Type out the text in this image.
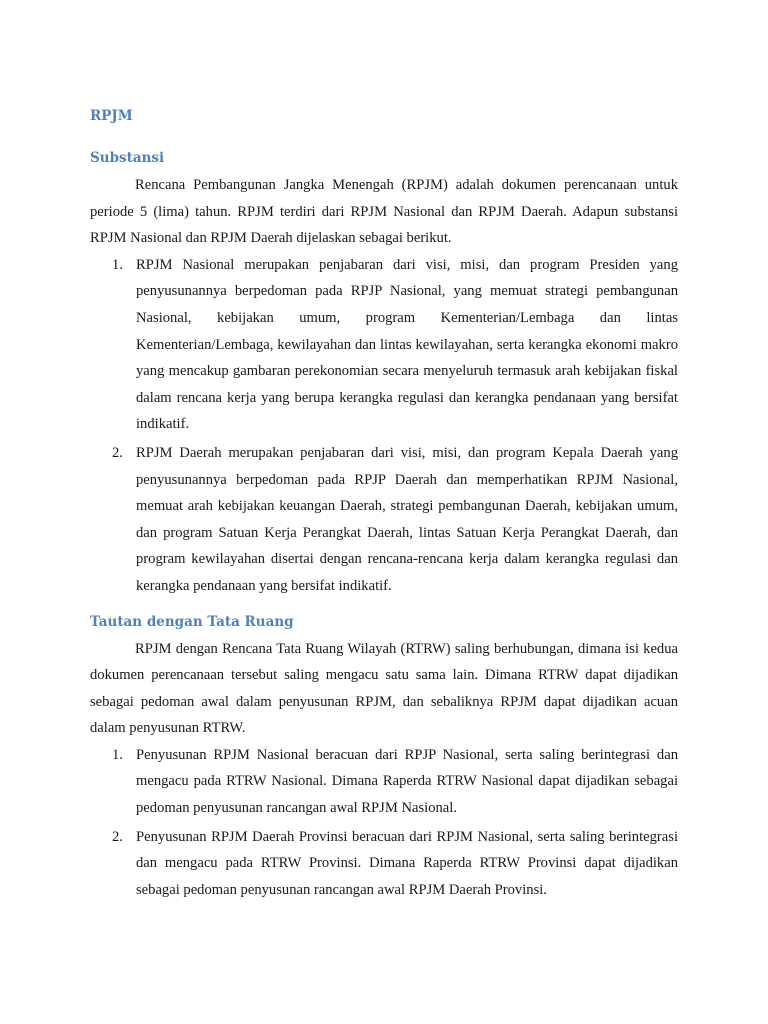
RPJM
Substansi

Rencana Pembangunan Jangka Menengah (RPJM) adalah dokumen perencanaan untuk periode 5 (lima) tahun. RPJM terdiri dari RPJM Nasional dan RPJM Daerah. Adapun substansi RPJM Nasional dan RPJM Daerah dijelaskan sebagai berikut.

1. RPJM Nasional merupakan penjabaran dari visi, misi, dan program Presiden yang penyusunannya berpedoman pada RPJP Nasional, yang memuat strategi pembangunan Nasional, kebijakan umum, program Kementerian/Lembaga dan lintas Kementerian/Lembaga, kewilayahan dan lintas kewilayahan, serta kerangka ekonomi makro yang mencakup gambaran perekonomian secara menyeluruh termasuk arah kebijakan fiskal dalam rencana kerja yang berupa kerangka regulasi dan kerangka pendanaan yang bersifat indikatif.
2. RPJM Daerah merupakan penjabaran dari visi, misi, dan program Kepala Daerah yang penyusunannya berpedoman pada RPJP Daerah dan memperhatikan RPJM Nasional, memuat arah kebijakan keuangan Daerah, strategi pembangunan Daerah, kebijakan umum, dan program Satuan Kerja Perangkat Daerah, lintas Satuan Kerja Perangkat Daerah, dan program kewilayahan disertai dengan rencana-rencana kerja dalam kerangka regulasi dan kerangka pendanaan yang bersifat indikatif.
Tautan dengan Tata Ruang

RPJM dengan Rencana Tata Ruang Wilayah (RTRW) saling berhubungan, dimana isi kedua dokumen perencanaan tersebut saling mengacu satu sama lain. Dimana RTRW dapat dijadikan sebagai pedoman awal dalam penyusunan RPJM, dan sebaliknya RPJM dapat dijadikan acuan dalam penyusunan RTRW.

1. Penyusunan RPJM Nasional beracuan dari RPJP Nasional, serta saling berintegrasi dan mengacu pada RTRW Nasional. Dimana Raperda RTRW Nasional dapat dijadikan sebagai pedoman penyusunan rancangan awal RPJM Nasional.
2. Penyusunan RPJM Daerah Provinsi beracuan dari RPJM Nasional, serta saling berintegrasi dan mengacu pada RTRW Provinsi. Dimana Raperda RTRW Provinsi dapat dijadikan sebagai pedoman penyusunan rancangan awal RPJM Daerah Provinsi.
